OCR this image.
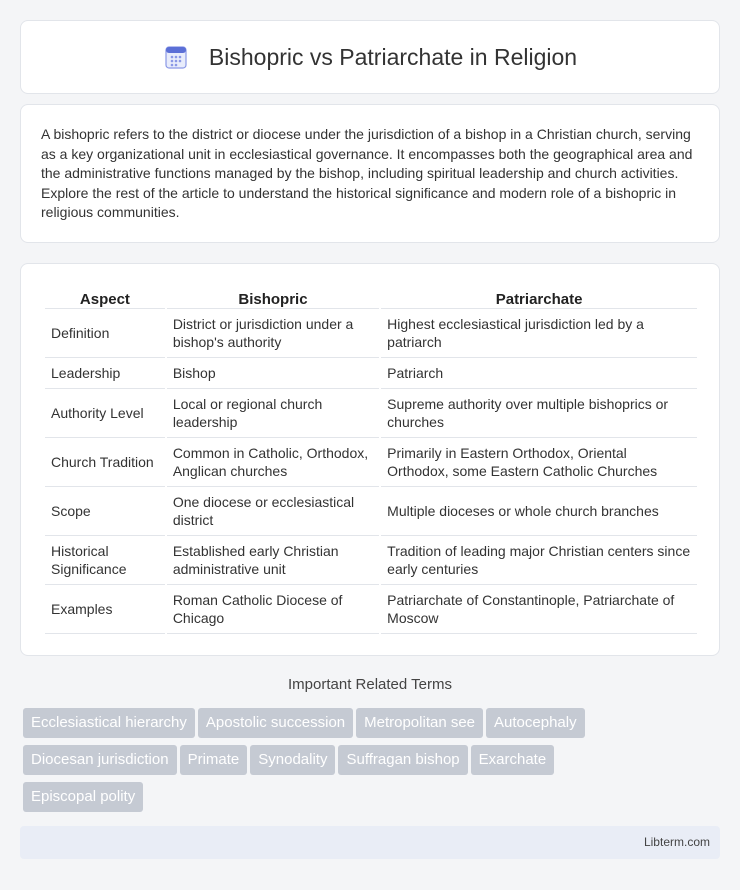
Bishopric vs Patriarchate in Religion

A bishopric refers to the district or diocese under the jurisdiction of a bishop in a Christian church, serving as a key organizational unit in ecclesiastical governance. It encompasses both the geographical area and the administrative functions managed by the bishop, including spiritual leadership and church activities. Explore the rest of the article to understand the historical significance and modern role of a bishopric in religious communities.

Aspect	Bishopric	Patriarchate
Definition	District or jurisdiction under a bishop's authority	Highest ecclesiastical jurisdiction led by a patriarch
Leadership	Bishop	Patriarch
Authority Level	Local or regional church leadership	Supreme authority over multiple bishoprics or churches
Church Tradition	Common in Catholic, Orthodox, Anglican churches	Primarily in Eastern Orthodox, Oriental Orthodox, some Eastern Catholic Churches
Scope	One diocese or ecclesiastical district	Multiple dioceses or whole church branches
Historical Significance	Established early Christian administrative unit	Tradition of leading major Christian centers since early centuries
Examples	Roman Catholic Diocese of Chicago	Patriarchate of Constantinople, Patriarchate of Moscow
Important Related Terms
Ecclesiastical hierarchy Apostolic succession Metropolitan see Autocephaly
Diocesan jurisdiction Primate Synodality Suffragan bishop Exarchate
Episcopal polity
Libterm.com
